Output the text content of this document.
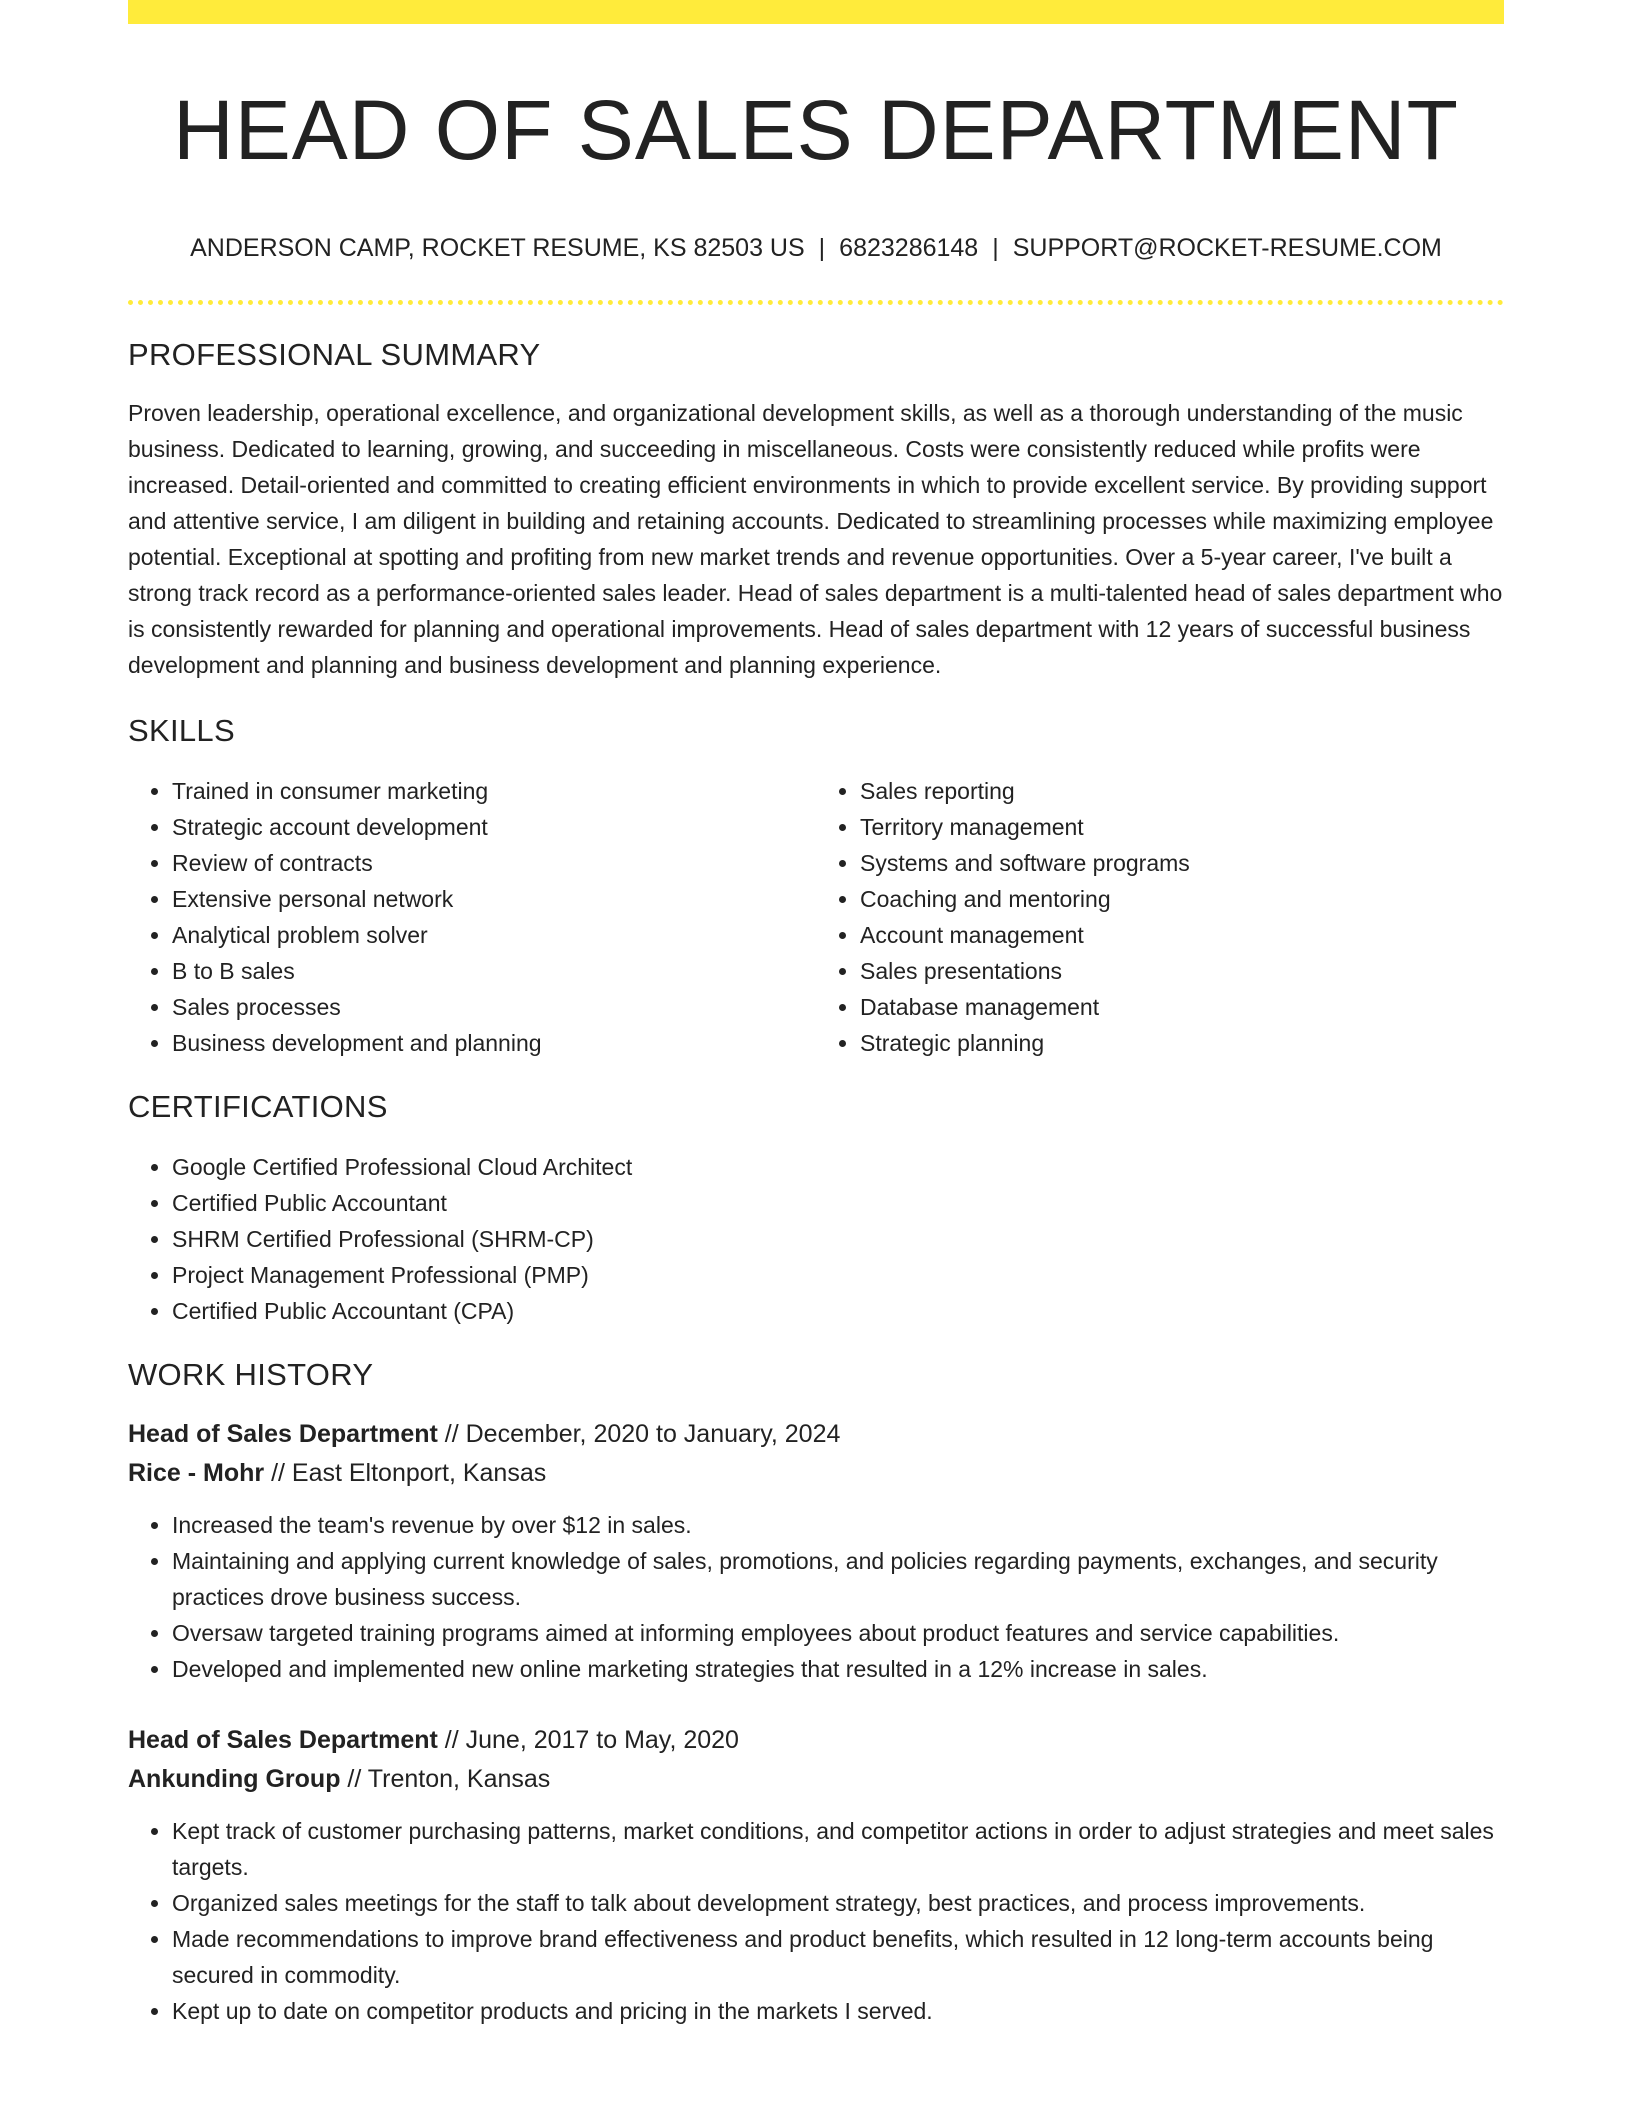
HEAD OF SALES DEPARTMENT
ANDERSON CAMP, ROCKET RESUME, KS 82503 US | 6823286148 | SUPPORT@ROCKET-RESUME.COM
PROFESSIONAL SUMMARY

Proven leadership, operational excellence, and organizational development skills, as well as a thorough understanding of the music business. Dedicated to learning, growing, and succeeding in miscellaneous. Costs were consistently reduced while profits were increased. Detail-oriented and committed to creating efficient environments in which to provide excellent service. By providing support and attentive service, I am diligent in building and retaining accounts. Dedicated to streamlining processes while maximizing employee potential. Exceptional at spotting and profiting from new market trends and revenue opportunities. Over a 5-year career, I've built a strong track record as a performance-oriented sales leader. Head of sales department is a multi-talented head of sales department who is consistently rewarded for planning and operational improvements. Head of sales department with 12 years of successful business development and planning and business development and planning experience.

SKILLS
• Trained in consumer marketing
• Strategic account development
• Review of contracts
• Extensive personal network
• Analytical problem solver
• B to B sales
• Sales processes
• Business development and planning
• Sales reporting
• Territory management
• Systems and software programs
• Coaching and mentoring
• Account management
• Sales presentations
• Database management
• Strategic planning
CERTIFICATIONS
• Google Certified Professional Cloud Architect
• Certified Public Accountant
• SHRM Certified Professional (SHRM-CP)
• Project Management Professional (PMP)
• Certified Public Accountant (CPA)
WORK HISTORY
Head of Sales Department // December, 2020 to January, 2024
Rice - Mohr // East Eltonport, Kansas
• Increased the team's revenue by over $12 in sales.
• Maintaining and applying current knowledge of sales, promotions, and policies regarding payments, exchanges, and security practices drove business success.
• Oversaw targeted training programs aimed at informing employees about product features and service capabilities.
• Developed and implemented new online marketing strategies that resulted in a 12% increase in sales.
Head of Sales Department // June, 2017 to May, 2020
Ankunding Group // Trenton, Kansas
• Kept track of customer purchasing patterns, market conditions, and competitor actions in order to adjust strategies and meet sales targets.
• Organized sales meetings for the staff to talk about development strategy, best practices, and process improvements.
• Made recommendations to improve brand effectiveness and product benefits, which resulted in 12 long-term accounts being secured in commodity.
• Kept up to date on competitor products and pricing in the markets I served.
